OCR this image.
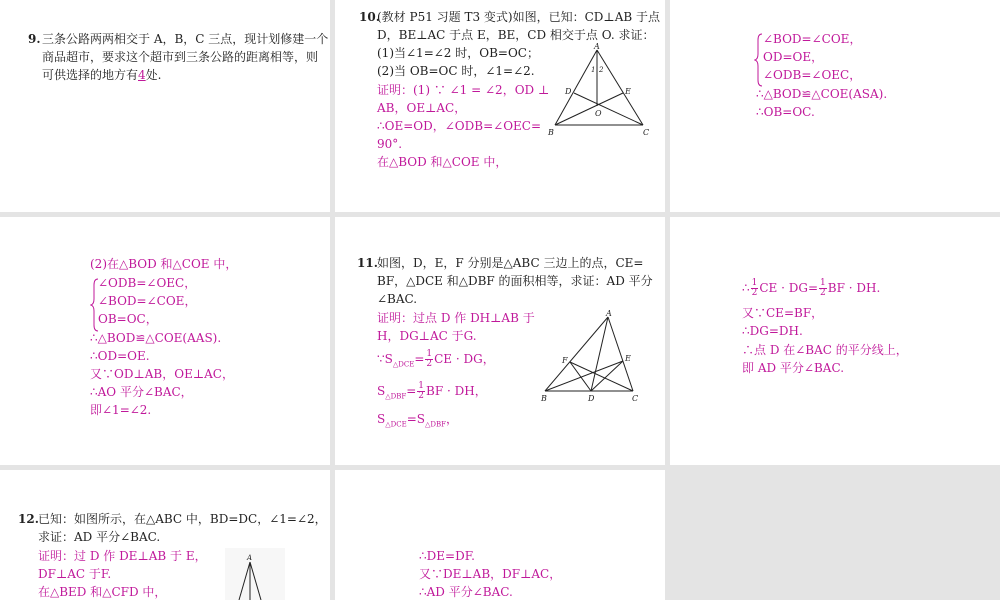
9. 三条公路两两相交于 A，B，C 三点，现计划修建一个
商品超市，要求这个超市到三条公路的距离相等，则
可供选择的地方有4处.
10.
(教材 P51 习题 T3 变式)如图，已知：CD⊥AB 于点
D，BE⊥AC 于点 E，BE，CD 相交于点 O. 求证：
(1)当∠1=∠2 时，OB=OC；
(2)当 OB=OC 时，∠1=∠2.
证明：(1) ∵ ∠1 = ∠2，OD ⊥
AB，OE⊥AC，
∴OE=OD，∠ODB=∠OEC=
90°.
在△BOD 和△COE 中，
A
B	C
D	E
O
1 2
∠BOD=∠COE，
OD=OE，
∠ODB=∠OEC，
∴△BOD≌△COE(ASA).
∴OB=OC.
(2)在△BOD 和△COE 中，
∠ODB=∠OEC，
∠BOD=∠COE，
OB=OC，
∴△BOD≌△COE(AAS).
∴OD=OE.
又∵OD⊥AB，OE⊥AC，
∴AO 平分∠BAC，
即∠1=∠2.
11. 如图，D，E，F 分别是△ABC 三边上的点，CE=
BF，△DCE 和△DBF 的面积相等，求证：AD 平分
∠BAC.
证明：过点 D 作 DH⊥AB 于
H，DG⊥AC 于G.
$\because S_{\triangle DCE}= \frac{1}{2}$ CE · DG，
$S_{\triangle DBF}= \frac{1}{2}$ BF · DH，
$S_{\triangle DCE}=S_{\triangle DBF}$，
A
B	C
D
E
F
∴ $\frac{1}{2}$ CE · $DG= \frac{1}{2}$ BF · DH.
又∵CE=BF，
∴DG=DH.
∴点 D 在∠BAC 的平分线上，
即 AD 平分∠BAC.
12. 已知：如图所示，在△ABC 中，BD=DC，∠1=∠2，
求证：AD 平分∠BAC.
证明：过 D 作 DE⊥AB 于 E，
DF⊥AC 于F.
在△BED 和△CFD 中，
A	∴DE=DF.
又∵DE⊥AB，DF⊥AC，
∴AD 平分∠BAC.
